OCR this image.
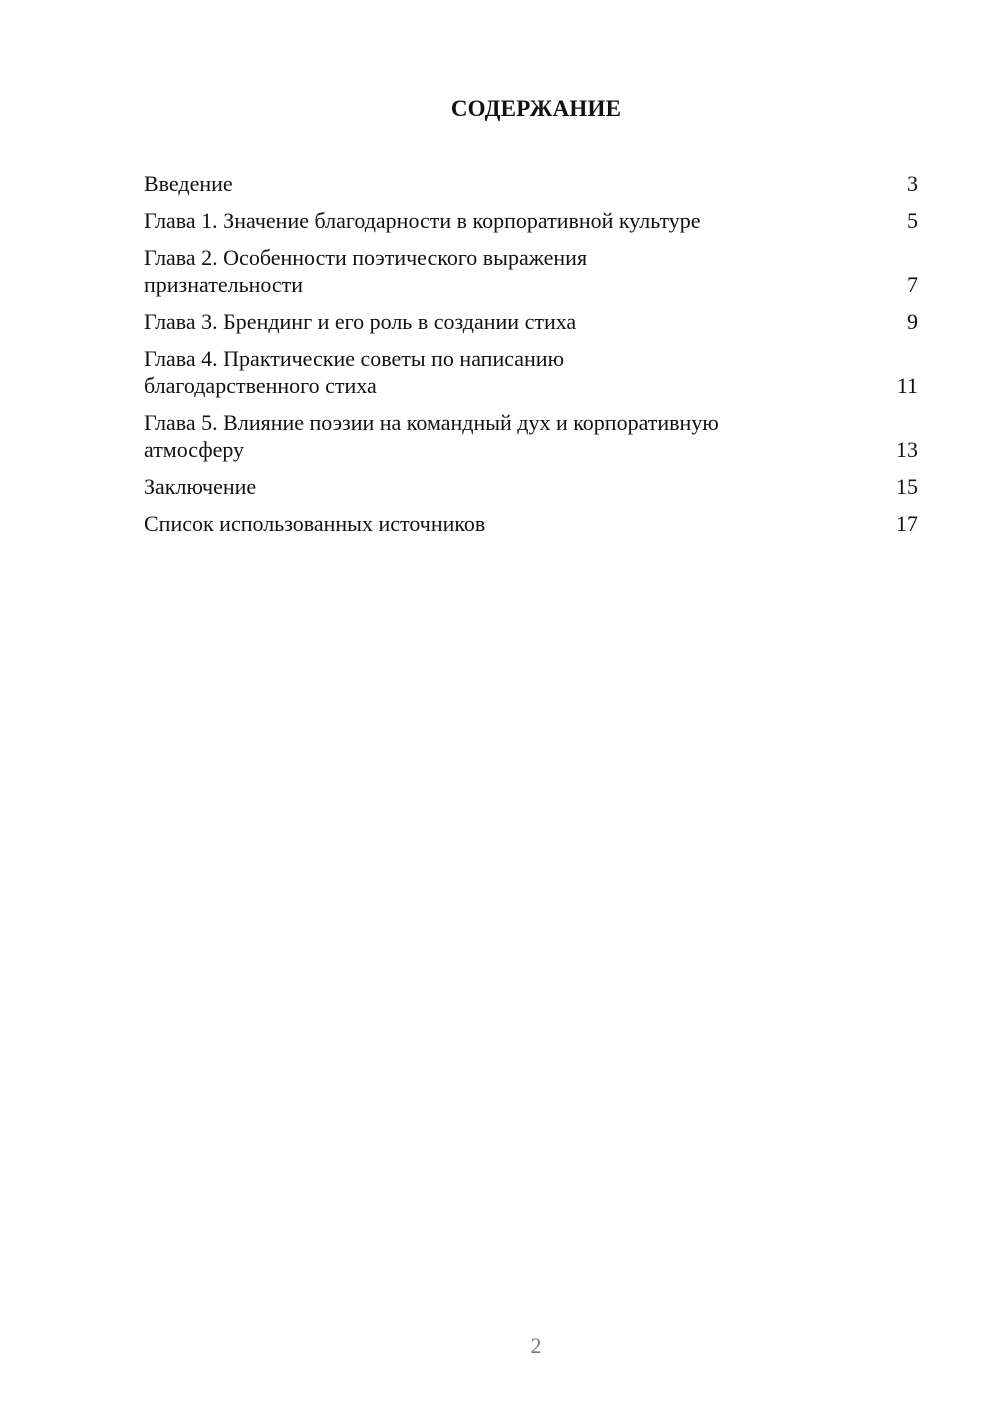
СОДЕРЖАНИЕ
Введение	3
Глава 1. Значение благодарности в корпоративной культуре	5
Глава 2. Особенности поэтического выражения
признательности	7
Глава 3. Брендинг и его роль в создании стиха	9
Глава 4. Практические советы по написанию
благодарственного стиха	11
Глава 5. Влияние поэзии на командный дух и корпоративную
атмосферу	13
Заключение	15
Список использованных источников	17
2
